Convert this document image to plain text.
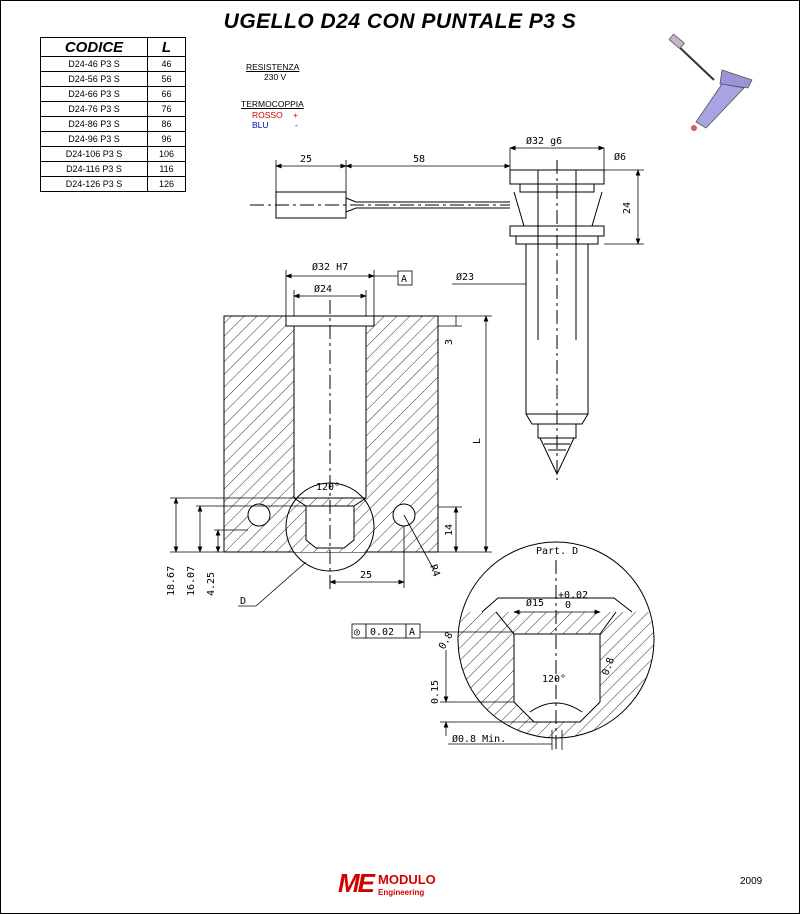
UGELLO D24 CON PUNTALE P3 S
CODICE	L
D24-46 P3 S	46
D24-56 P3 S	56
D24-66 P3 S	66
D24-76 P3 S	76
D24-86 P3 S	86
D24-96 P3 S	96
D24-106 P3 S	106
D24-116 P3 S	116
D24-126 P3 S	126
RESISTENZA
230 V
TERMOCOPPIA
ROSSO +
BLU	-
25	58
Ø32 g6
Ø6
24
Ø32 H7
A
Ø24
Ø23
3
L
14
120°
25	R4
18.67 16.07 4.25
D
Part. D
Ø15
+0.02
0
◎ 0.02 A
0.15
0.8
120°
Ø0.8 Min.
0.8
ME MODULO
Engineering
2009
